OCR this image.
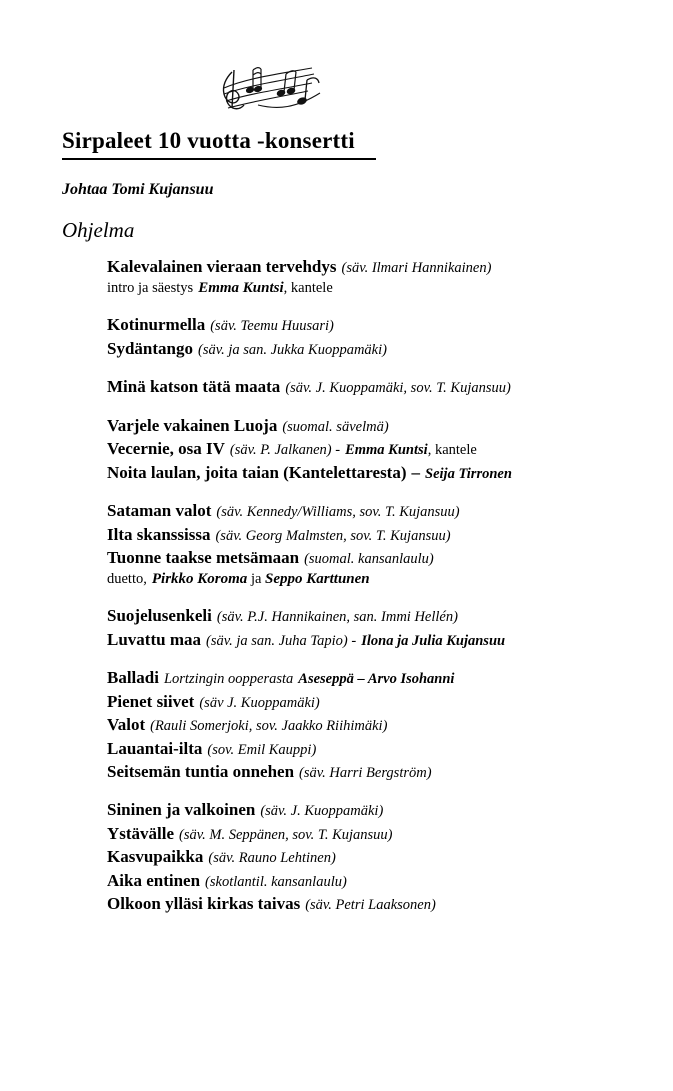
Sirpaleet 10 vuotta -konsertti
Johtaa Tomi Kujansuu
Ohjelma
Kalevalainen vieraan tervehdys (säv. Ilmari Hannikainen)
intro ja säestys Emma Kuntsi, kantele
Kotinurmella (säv. Teemu Huusari)
Sydäntango (säv. ja san. Jukka Kuoppamäki)
Minä katson tätä maata (säv. J. Kuoppamäki, sov. T. Kujansuu)
Varjele vakainen Luoja (suomal. sävelmä)
Vecernie, osa IV (säv. P. Jalkanen) - Emma Kuntsi, kantele
Noita laulan, joita taian (Kantelettaresta) – Seija Tirronen
Sataman valot (säv. Kennedy/Williams, sov. T. Kujansuu)
Ilta skanssissa (säv. Georg Malmsten, sov. T. Kujansuu)
Tuonne taakse metsämaan (suomal. kansanlaulu)
duetto, Pirkko Koroma ja Seppo Karttunen
Suojelusenkeli (säv. P.J. Hannikainen, san. Immi Hellén)
Luvattu maa (säv. ja san. Juha Tapio) - Ilona ja Julia Kujansuu
Balladi Lortzingin oopperasta Aseseppä – Arvo Isohanni
Pienet siivet (säv J. Kuoppamäki)
Valot (Rauli Somerjoki, sov. Jaakko Riihimäki)
Lauantai-ilta (sov. Emil Kauppi)
Seitsemän tuntia onnehen (säv. Harri Bergström)
Sininen ja valkoinen (säv. J. Kuoppamäki)
Ystävälle (säv. M. Seppänen, sov. T. Kujansuu)
Kasvupaikka (säv. Rauno Lehtinen)
Aika entinen (skotlantil. kansanlaulu)
Olkoon ylläsi kirkas taivas (säv. Petri Laaksonen)
